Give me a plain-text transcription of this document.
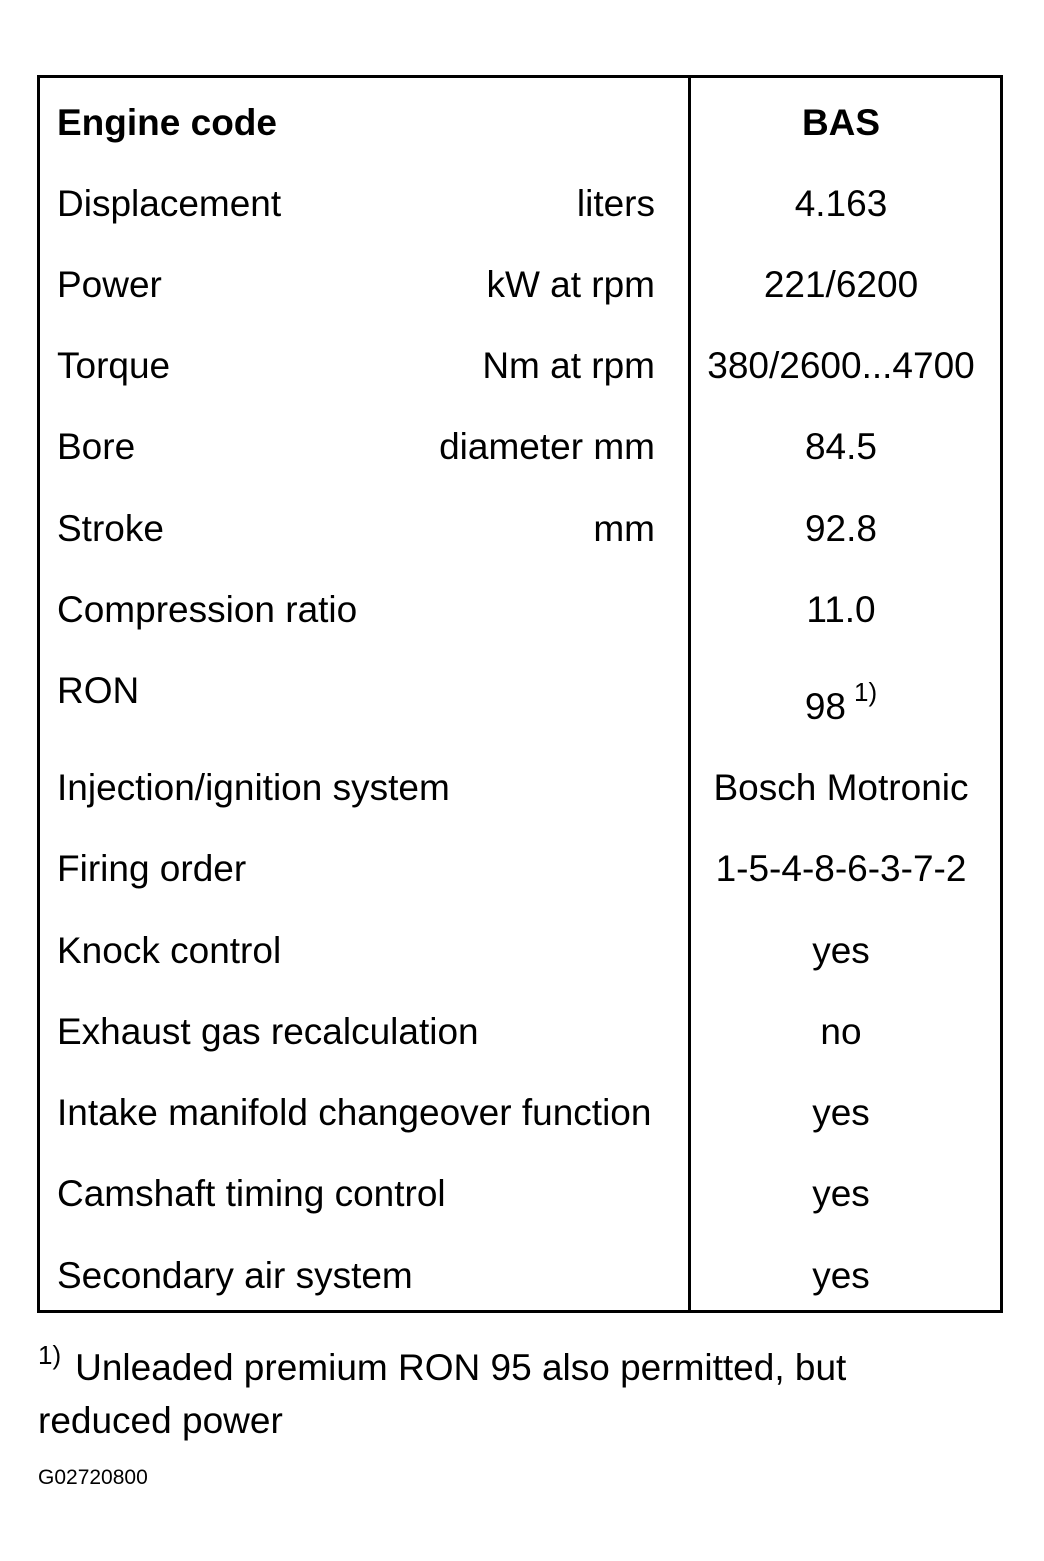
Engine code	BAS
Displacement	liters	4.163
Power	kW at rpm	221/6200
Torque	Nm at rpm	380/2600...4700
Bore	diameter mm	84.5
Stroke	mm	92.8
Compression ratio	11.0
RON	98 $^{1)}$
Injection/ignition system	Bosch Motronic
Firing order	1-5-4-8-6-3-7-2
Knock control	yes
Exhaust gas recalculation	no
Intake manifold changeover function	yes
Camshaft timing control	yes
Secondary air system	yes
$^{1)}$ Unleaded premium RON 95 also permitted, but reduced power
G02720800
